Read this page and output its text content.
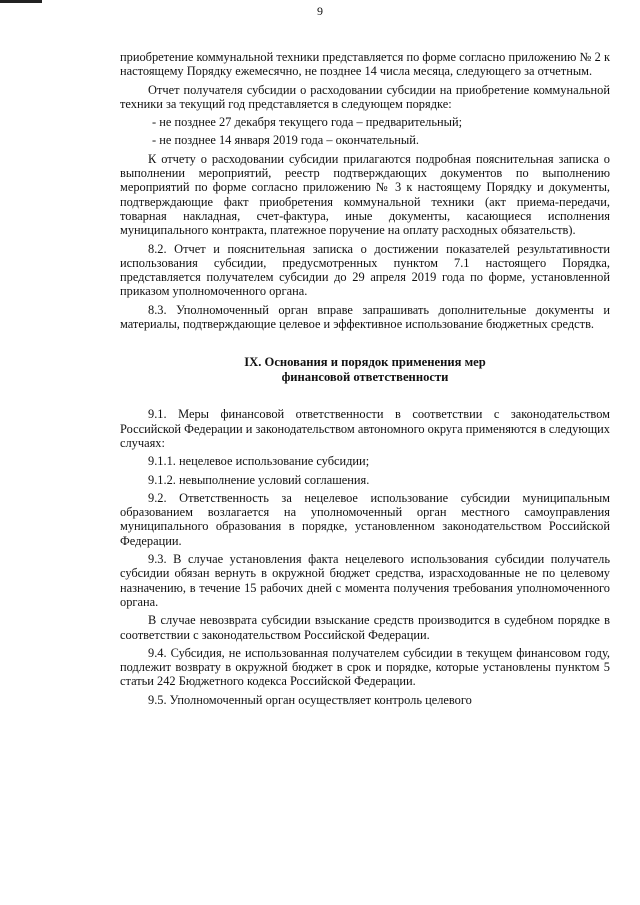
9

приобретение коммунальной техники представляется по форме согласно приложению № 2 к настоящему Порядку ежемесячно, не позднее 14 числа месяца, следующего за отчетным.

Отчет получателя субсидии о расходовании субсидии на приобретение коммунальной техники за текущий год представляется в следующем порядке:

- не позднее 27 декабря текущего года – предварительный;

- не позднее 14 января 2019 года – окончательный.

К отчету о расходовании субсидии прилагаются подробная пояснительная записка о выполнении мероприятий, реестр подтверждающих документов по выполнению мероприятий по форме согласно приложению № 3 к настоящему Порядку и документы, подтверждающие факт приобретения коммунальной техники (акт приема-передачи, товарная накладная, счет-фактура, иные документы, касающиеся исполнения муниципального контракта, платежное поручение на оплату расходных обязательств).

8.2. Отчет и пояснительная записка о достижении показателей результативности использования субсидии, предусмотренных пунктом 7.1 настоящего Порядка, представляется получателем субсидии до 29 апреля 2019 года по форме, установленной приказом уполномоченного органа.

8.3. Уполномоченный орган вправе запрашивать дополнительные документы и материалы, подтверждающие целевое и эффективное использование бюджетных средств.

IX. Основания и порядок применения мер
финансовой ответственности

9.1. Меры финансовой ответственности в соответствии с законодательством Российской Федерации и законодательством автономного округа применяются в следующих случаях:

9.1.1. нецелевое использование субсидии;

9.1.2. невыполнение условий соглашения.

9.2. Ответственность за нецелевое использование субсидии муниципальным образованием возлагается на уполномоченный орган местного самоуправления муниципального образования в порядке, установленном законодательством Российской Федерации.

9.3. В случае установления факта нецелевого использования субсидии получатель субсидии обязан вернуть в окружной бюджет средства, израсходованные не по целевому назначению, в течение 15 рабочих дней с момента получения требования уполномоченного органа.

В случае невозврата субсидии взыскание средств производится в судебном порядке в соответствии с законодательством Российской Федерации.

9.4. Субсидия, не использованная получателем субсидии в текущем финансовом году, подлежит возврату в окружной бюджет в срок и порядке, которые установлены пунктом 5 статьи 242 Бюджетного кодекса Российской Федерации.

9.5. Уполномоченный орган осуществляет контроль целевого
